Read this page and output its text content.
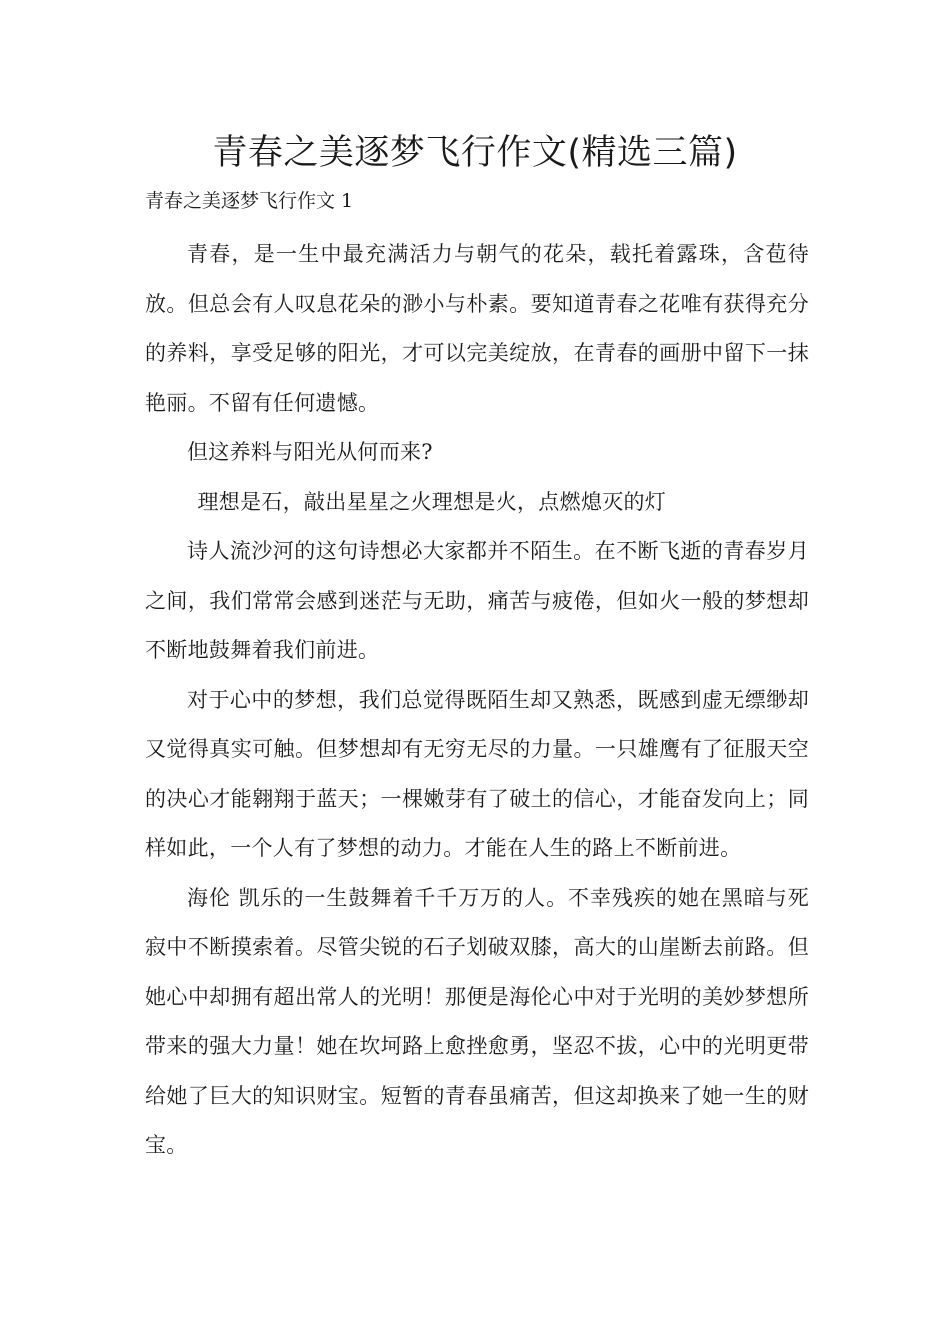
青春之美逐梦飞行作文(精选三篇)
青春之美逐梦飞行作文 1

青春，是一生中最充满活力与朝气的花朵，载托着露珠，含苞待放。但总会有人叹息花朵的渺小与朴素。要知道青春之花唯有获得充分的养料，享受足够的阳光，才可以完美绽放，在青春的画册中留下一抹艳丽。不留有任何遗憾。

但这养料与阳光从何而来?

理想是石，敲出星星之火理想是火，点燃熄灭的灯

诗人流沙河的这句诗想必大家都并不陌生。在不断飞逝的青春岁月之间，我们常常会感到迷茫与无助，痛苦与疲倦，但如火一般的梦想却不断地鼓舞着我们前进。

对于心中的梦想，我们总觉得既陌生却又熟悉，既感到虚无缥缈却又觉得真实可触。但梦想却有无穷无尽的力量。一只雄鹰有了征服天空的决心才能翱翔于蓝天；一棵嫩芽有了破土的信心，才能奋发向上；同样如此，一个人有了梦想的动力。才能在人生的路上不断前进。

海伦 凯乐的一生鼓舞着千千万万的人。不幸残疾的她在黑暗与死寂中不断摸索着。尽管尖锐的石子划破双膝，高大的山崖断去前路。但她心中却拥有超出常人的光明！那便是海伦心中对于光明的美妙梦想所带来的强大力量！她在坎坷路上愈挫愈勇，坚忍不拔，心中的光明更带给她了巨大的知识财宝。短暂的青春虽痛苦，但这却换来了她一生的财宝。
